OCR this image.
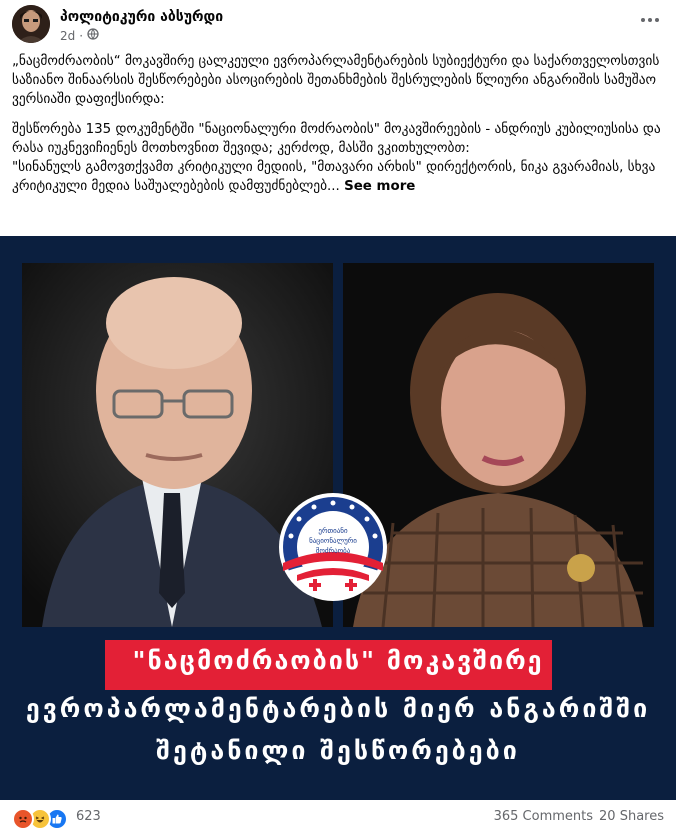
პოლიტიკური აბსურდი
2d ·

„ნაცმოძრაობის“ მოკავშირე ცალკეული ევროპარლამენტარების სუბიექტური და საქართველოსთვის საზიანო შინაარსის შესწორებები ასოცირების შეთანხმების შესრულების წლიური ანგარიშის სამუშაო ვერსიაში დაფიქსირდა:

შესწორება 135 დოკუმენტში "ნაციონალური მოძრაობის" მოკავშირეების - ანდრიუს კუბილიუსისა და რასა იუკნევიჩიენეს მოთხოვნით შევიდა; კერძოდ, მასში ვკითხულობთ:

"სინანულს გამოვთქვამთ კრიტიკული მედიის, "მთავარი არხის" დირექტორის, ნიკა გვარამიას, სხვა კრიტიკული მედია საშუალებების დამფუძნებლებ... See more

ერთიანი
ნაციონალური
მოძრაობა
"ნაცმოძრაობის" მოკავშირე
ევროპარლამენტარების მიერ ანგარიშში
შეტანილი შესწორებები
623	365 Comments 20 Shares
